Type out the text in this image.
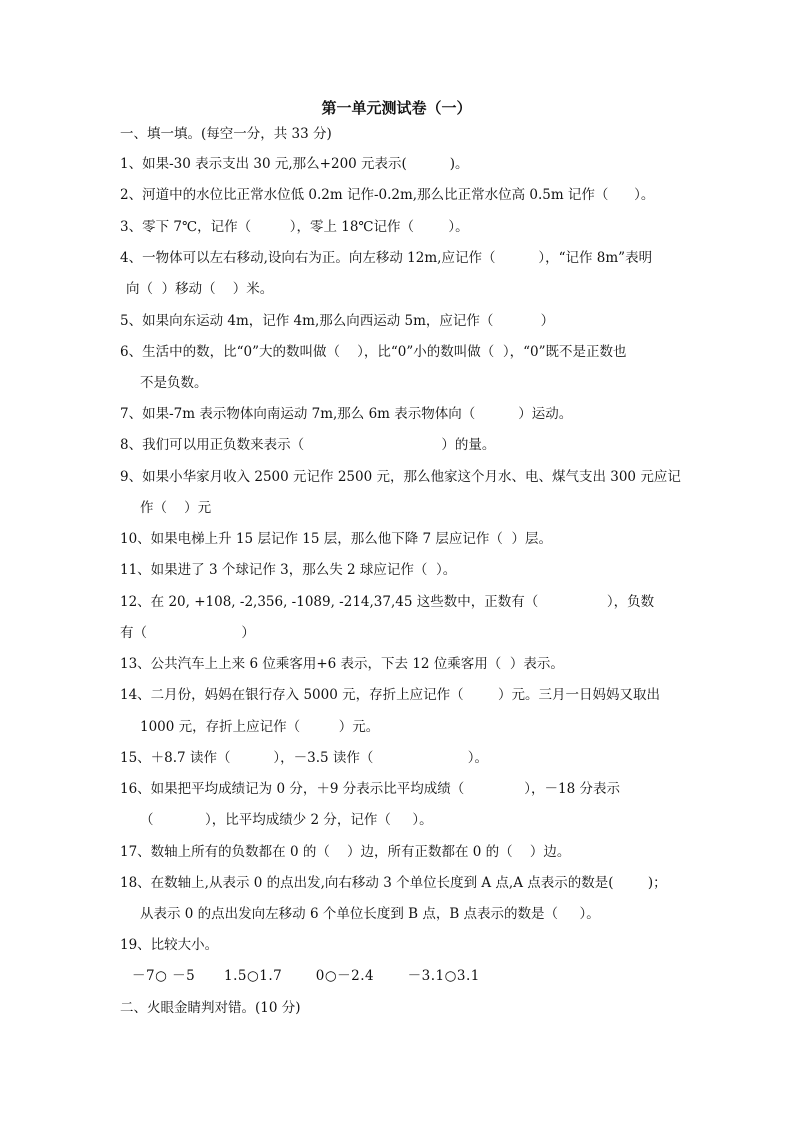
第一单元测试卷（一）
一、填一填。(每空一分，共 33 分)
1、如果-30 表示支出 30 元,那么+200 元表示(          )。
2、河道中的水位比正常水位低 0.2m 记作-0.2m,那么比正常水位高 0.5m 记作（      ）。
3、零下 7℃，记作（         ），零上 18℃记作（        ）。
4、一物体可以左右移动,设向右为正。向左移动 12m,应记作（          ），“记作 8m”表明
向（  ）移动（    ）米。
5、如果向东运动 4m，记作 4m,那么向西运动 5m，应记作（           ）
6、生活中的数，比“0”大的数叫做（    ），比“0”小的数叫做（  ），“0”既不是正数也
不是负数。
7、如果-7m 表示物体向南运动 7m,那么 6m 表示物体向（          ）运动。
8、我们可以用正负数来表示（                                ）的量。
9、如果小华家月收入 2500 元记作 2500 元，那么他家这个月水、电、煤气支出 300 元应记
作（    ）元
10、如果电梯上升 15 层记作 15 层，那么他下降 7 层应记作（  ）层。
11、如果进了 3 个球记作 3，那么失 2 球应记作（  ）。
12、在 20, +108, -2,356, -1089, -214,37,45 这些数中，正数有（                ），负数
有（                      ）
13、公共汽车上上来 6 位乘客用+6 表示，下去 12 位乘客用（  ）表示。
14、二月份，妈妈在银行存入 5000 元，存折上应记作（        ）元。三月一日妈妈又取出
1000 元，存折上应记作（         ）元。
15、＋8.7 读作（          ），－3.5 读作（                      ）。
16、如果把平均成绩记为 0 分，＋9 分表示比平均成绩（              ），－18 分表示
（            ），比平均成绩少 2 分，记作（     ）。
17、数轴上所有的负数都在 0 的（    ）边，所有正数都在 0 的（    ）边。
18、在数轴上,从表示 0 的点出发,向右移动 3 个单位长度到 A 点,A 点表示的数是(        )；
从表示 0 的点出发向左移动 6 个单位长度到 B 点，B 点表示的数是（     ）。
19、比较大小。
－7○ －5      1.5○1.7       0○－2.4       －3.1○3.1
二、火眼金睛判对错。(10 分)
